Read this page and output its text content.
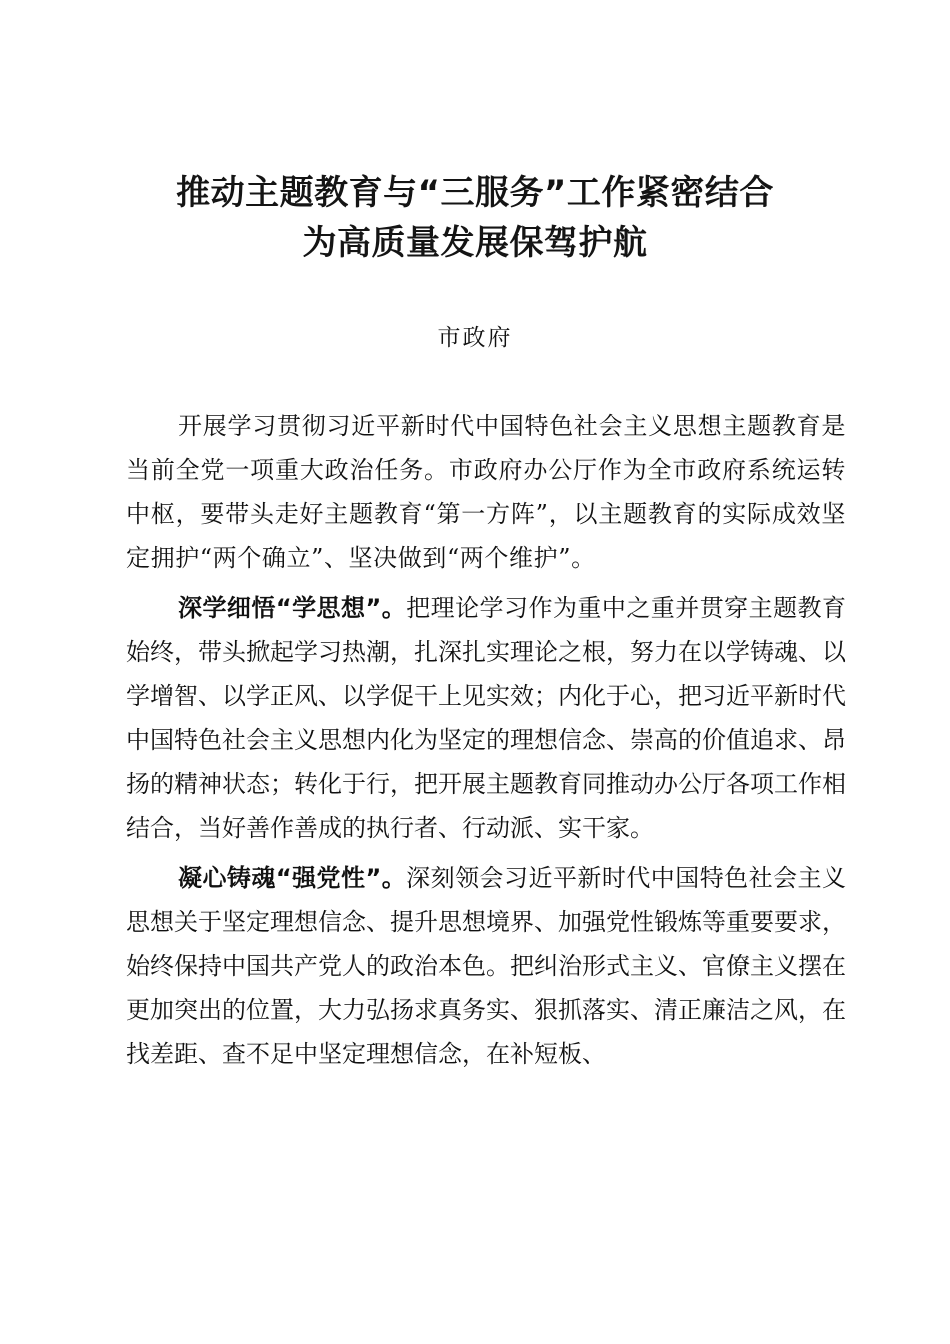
推动主题教育与“三服务”工作紧密结合
为高质量发展保驾护航
市政府

开展学习贯彻习近平新时代中国特色社会主义思想主题教育是当前全党一项重大政治任务。市政府办公厅作为全市政府系统运转中枢，要带头走好主题教育“第一方阵”，以主题教育的实际成效坚定拥护“两个确立”、坚决做到“两个维护”。

深学细悟“学思想”。把理论学习作为重中之重并贯穿主题教育始终，带头掀起学习热潮，扎深扎实理论之根，努力在以学铸魂、以学增智、以学正风、以学促干上见实效；内化于心，把习近平新时代中国特色社会主义思想内化为坚定的理想信念、崇高的价值追求、昂扬的精神状态；转化于行，把开展主题教育同推动办公厅各项工作相结合，当好善作善成的执行者、行动派、实干家。

凝心铸魂“强党性”。深刻领会习近平新时代中国特色社会主义思想关于坚定理想信念、提升思想境界、加强党性锻炼等重要要求，始终保持中国共产党人的政治本色。把纠治形式主义、官僚主义摆在更加突出的位置，大力弘扬求真务实、狠抓落实、清正廉洁之风，在找差距、查不足中坚定理想信念，在补短板、
